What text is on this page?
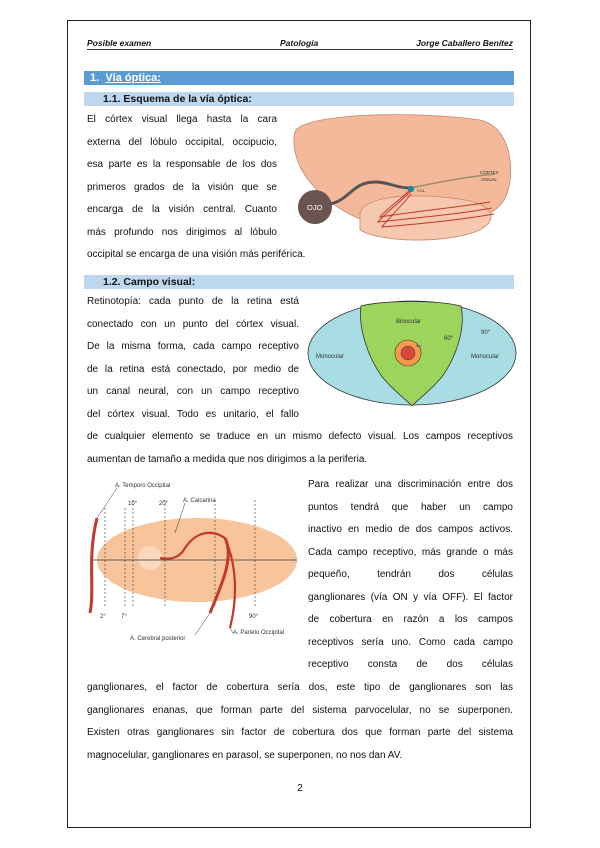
Posible examen	Patología	Jorge Caballero Benítez
1. Vía óptica:
1.1. Esquema de la vía óptica:
El córtex visual llega hasta la cara
externa del lóbulo occipital, occipucio,
esa parte es la responsable de los dos
primeros grados de la visión que se
encarga de la visión central. Cuanto
más profundo nos dirigimos al lóbulo
occipital se encarga de una visión más periférica.
OJO
CGL
CÓRTEX
VISUAL
1.2. Campo visual:
Retinotopía: cada punto de la retina está
conectado con un punto del córtex visual.
De la misma forma, cada campo receptivo
de la retina está conectado, por medio de
un canal neural, con un campo receptivo
del córtex visual. Todo es unitario, el fallo
de cualquier elemento se traduce en un mismo defecto visual. Los campos receptivos
aumentan de tamaño a medida que nos dirigimos a la periferia.
Binocular
Monocular	Monocular
90°
60°
fov
A. Temporo Occipital
A. Calcarina
A. Cerebral posterior
A. Parieto Occipital
10°	20°
2°	7°	90°
Para realizar una discriminación entre dos
puntos tendrá que haber un campo
inactivo en medio de dos campos activos.
Cada campo receptivo, más grande o más
pequeño, tendrán dos células
ganglionares (vía ON y vía OFF). El factor
de cobertura en razón a los campos
receptivos sería uno. Como cada campo
receptivo consta de dos células
ganglionares, el factor de cobertura sería dos, este tipo de ganglionares son las
ganglionares enanas, que forman parte del sistema parvocelular, no se superponen.
Existen otras ganglionares sin factor de cobertura dos que forman parte del sistema
magnocelular, ganglionares en parasol, se superponen, no nos dan AV.
2
